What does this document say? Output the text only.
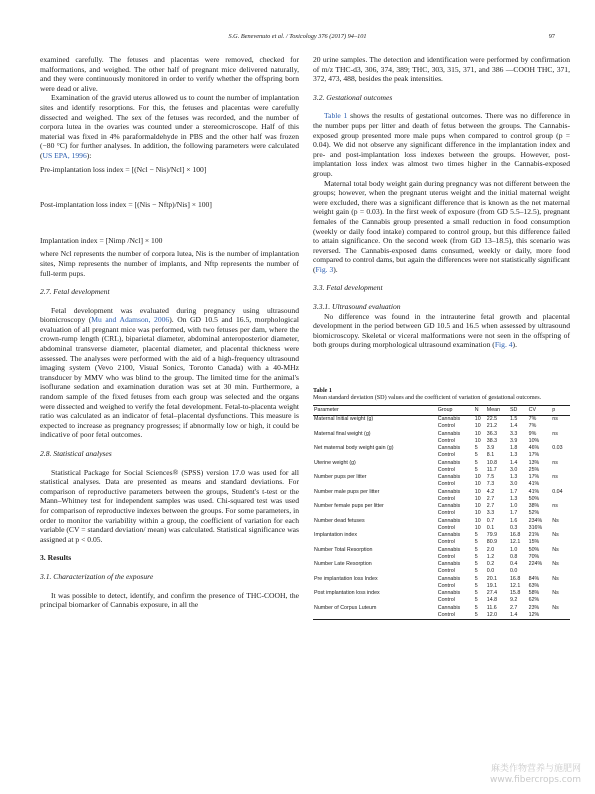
S.G. Benevenuto et al. / Toxicology 376 (2017) 94–101	97

examined carefully. The fetuses and placentas were removed, checked for malformations, and weighed. The other half of pregnant mice delivered naturally, and they were continuously monitored in order to verify whether the offspring born were dead or alive.

Examination of the gravid uterus allowed us to count the number of implantation sites and identify resorptions. For this, the fetuses and placentas were carefully dissected and weighed. The sex of the fetuses was recorded, and the number of corpora lutea in the ovaries was counted under a stereomicroscope. Half of this material was fixed in 4% paraformaldehyde in PBS and the other half was frozen (−80 °C) for further analyses. In addition, the following parameters were calculated (US EPA, 1996):

Pre-implantation loss index = [(Ncl − Nis)/Ncl] × 100]

Post-implantation loss index = [(Nis − Nftp)/Nis] × 100]

Implantation index = [Nimp /Ncl] × 100

where Ncl represents the number of corpora lutea, Nis is the number of implantation sites, Nimp represents the number of implants, and Nftp represents the number of full-term pups.

2.7. Fetal development

Fetal development was evaluated during pregnancy using ultrasound biomicroscopy (Mu and Adamson, 2006). On GD 10.5 and 16.5, morphological evaluation of all pregnant mice was performed, with two fetuses per dam, where the crown-rump length (CRL), biparietal diameter, abdominal anteroposterior diameter, abdominal transverse diameter, placental diameter, and placental thickness were assessed. The analyses were performed with the aid of a high-frequency ultrasound imaging system (Vevo 2100, Visual Sonics, Toronto Canada) with a 40-MHz transducer by MMV who was blind to the group. The limited time for the animal's isoflurane sedation and examination duration was set at 30 min. Furthermore, a random sample of the fixed fetuses from each group was selected and the organs were dissected and weighed to verify the fetal development. Fetal-to-placenta weight ratio was calculated as an indicator of fetal–placental dysfunctions. This measure is expected to increase as pregnancy progresses; if abnormally low or high, it could be indicative of poor fetal outcomes.

2.8. Statistical analyses

Statistical Package for Social Sciences® (SPSS) version 17.0 was used for all statistical analyses. Data are presented as means and standard deviations. For comparison of reproductive parameters between the groups, Student's t-test or the Mann–Whitney test for independent samples was used. Chi-squared test was used for comparison of reproductive indexes between the groups. For some parameters, in order to monitor the variability within a group, the coefficient of variation for each variable (CV = standard deviation/ mean) was calculated. Statistical significance was assigned at p < 0.05.

3. Results

3.1. Characterization of the exposure

It was possible to detect, identify, and confirm the presence of THC-COOH, the principal biomarker of Cannabis exposure, in all the

20 urine samples. The detection and identification were performed by confirmation of m/z THC-d3, 306, 374, 389; THC, 303, 315, 371, and 386 —COOH THC, 371, 372, 473, 488, besides the peak intensities.

3.2. Gestational outcomes

Table 1 shows the results of gestational outcomes. There was no difference in the number pups per litter and death of fetus between the groups. The Cannabis-exposed group presented more male pups when compared to control group (p = 0.04). We did not observe any significant difference in the implantation index and pre- and post-implantation loss indexes between the groups. However, post-implantation loss index was almost two times higher in the Cannabis-exposed group.

Maternal total body weight gain during pregnancy was not different between the groups; however, when the pregnant uterus weight and the initial maternal weight were excluded, there was a significant difference that is known as the net maternal weight gain (p = 0.03). In the first week of exposure (from GD 5.5–12.5), pregnant females of the Cannabis group presented a small reduction in food consumption (weekly or daily food intake) compared to control group, but this difference failed to attain significance. On the second week (from GD 13–18.5), this scenario was reversed. The Cannabis-exposed dams consumed, weekly or daily, more food compared to control dams, but again the differences were not statistically significant (Fig. 3).

3.3. Fetal development

3.3.1. Ultrasound evaluation

No difference was found in the intrauterine fetal growth and placental development in the period between GD 10.5 and 16.5 when assessed by ultrasound biomicroscopy. Skeletal or viceral malformations were not seen in the offspring of both groups during morphological ultrasound examination (Fig. 4).

Table 1
Mean standard deviation (SD) values and the coefficient of variation of gestational outcomes.
Parameter	Group	N	Mean	SD	CV	p
Maternal Initial weight (g)	Cannabis	10	22.5	1.5	7%	ns
	Control	10	21.2	1.4	7%	
Maternal final weight (g)	Cannabis	10	36.3	3.3	9%	ns
	Control	10	38.3	3.9	10%	
Net maternal body weight gain (g)	Cannabis	5	3.9	1.8	46%	0.03
	Control	5	8.1	1.3	17%	
Uterine weight (g)	Cannabis	5	10.8	1.4	13%	ns
	Control	5	11.7	3.0	25%	
Number pups per litter	Cannabis	10	7.5	1.3	17%	ns
	Control	10	7.3	3.0	41%	
Number male pups per litter	Cannabis	10	4.2	1.7	41%	0.04
	Control	10	2.7	1.3	50%	
Number female pups per litter	Cannabis	10	2.7	1.0	38%	ns
	Control	10	3.3	1.7	52%	
Number dead fetuses	Cannabis	10	0.7	1.6	234%	Ns
	Control	10	0.1	0.3	316%	
Implantation index	Cannabis	5	79.9	16.8	21%	Ns
	Control	5	80.9	12.1	15%	
Number Total Resorption	Cannabis	5	2.0	1.0	50%	Ns
	Control	5	1.2	0.8	70%	
Number Late Resorption	Cannabis	5	0.2	0.4	224%	Ns
	Control	5	0.0	0.0		
Pre implantation loss Index	Cannabis	5	20.1	16.8	84%	Ns
	Control	5	19.1	12.1	63%	
Post implantation loss index	Cannabis	5	27.4	15.8	58%	Ns
	Control	5	14.8	9.2	62%	
Number of Corpus Luteum	Cannabis	5	11.6	2.7	23%	Ns
	Control	5	12.0	1.4	12%	
麻类作物营养与施肥网
www.fibercrops.com
